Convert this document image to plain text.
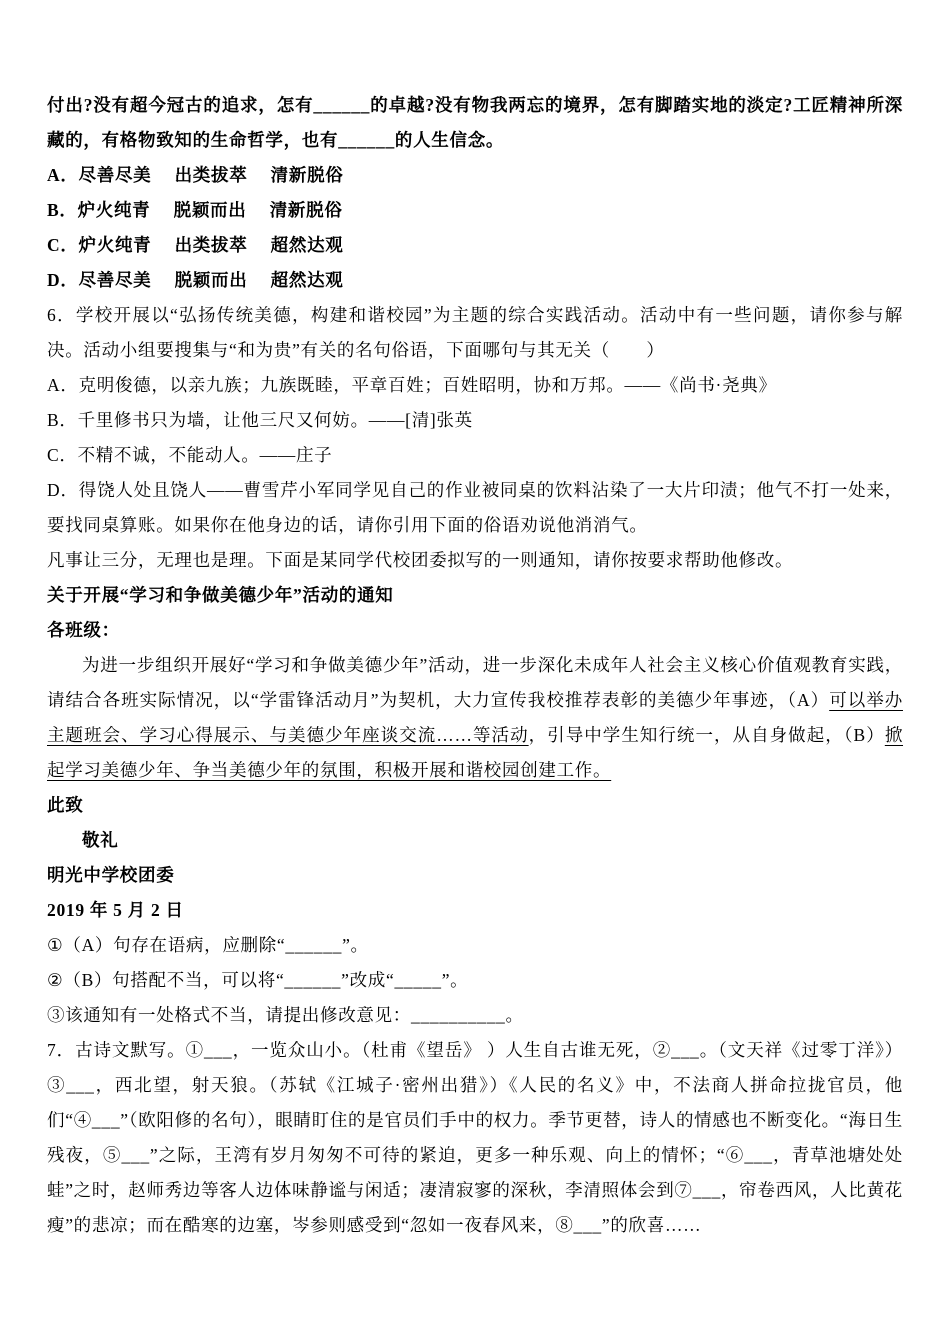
付出?没有超今冠古的追求，怎有______的卓越?没有物我两忘的境界，怎有脚踏实地的淡定?工匠精神所深藏的，有格物致知的生命哲学，也有______的人生信念。

A．尽善尽美　 出类拔萃　 清新脱俗

B．炉火纯青　 脱颖而出　 清新脱俗

C．炉火纯青　 出类拔萃　 超然达观

D．尽善尽美　 脱颖而出　 超然达观

6．学校开展以“弘扬传统美德，构建和谐校园”为主题的综合实践活动。活动中有一些问题，请你参与解决。活动小组要搜集与“和为贵”有关的名句俗语，下面哪句与其无关（　　）

A．克明俊德，以亲九族；九族既睦，平章百姓；百姓昭明，协和万邦。——《尚书·尧典》

B．千里修书只为墙，让他三尺又何妨。——[清]张英

C．不精不诚，不能动人。——庄子

D．得饶人处且饶人——曹雪芹小军同学见自己的作业被同桌的饮料沾染了一大片印渍；他气不打一处来，要找同桌算账。如果你在他身边的话，请你引用下面的俗语劝说他消消气。

凡事让三分，无理也是理。下面是某同学代校团委拟写的一则通知，请你按要求帮助他修改。

关于开展“学习和争做美德少年”活动的通知

各班级：

为进一步组织开展好“学习和争做美德少年”活动，进一步深化未成年人社会主义核心价值观教育实践，请结合各班实际情况，以“学雷锋活动月”为契机，大力宣传我校推荐表彰的美德少年事迹，（A）可以举办主题班会、学习心得展示、与美德少年座谈交流……等活动，引导中学生知行统一，从自身做起，（B）掀起学习美德少年、争当美德少年的氛围，积极开展和谐校园创建工作。

此致

敬礼

明光中学校团委

2019 年 5 月 2 日

①（A）句存在语病，应删除“______”。

②（B）句搭配不当，可以将“______”改成“_____”。

③该通知有一处格式不当，请提出修改意见：__________。

7．古诗文默写。①___，一览众山小。（杜甫《望岳》 ）人生自古谁无死，②___。（文天祥《过零丁洋》）③___，西北望，射天狼。（苏轼《江城子·密州出猎》）《人民的名义》中，不法商人拼命拉拢官员，他们“④___”（欧阳修的名句），眼睛盯住的是官员们手中的权力。季节更替，诗人的情感也不断变化。“海日生残夜，⑤___”之际，王湾有岁月匆匆不可待的紧迫，更多一种乐观、向上的情怀；“⑥___，青草池塘处处蛙”之时，赵师秀边等客人边体味静谧与闲适；凄清寂寥的深秋，李清照体会到⑦___，帘卷西风，人比黄花瘦”的悲凉；而在酷寒的边塞，岑参则感受到“忽如一夜春风来，⑧___”的欣喜……
